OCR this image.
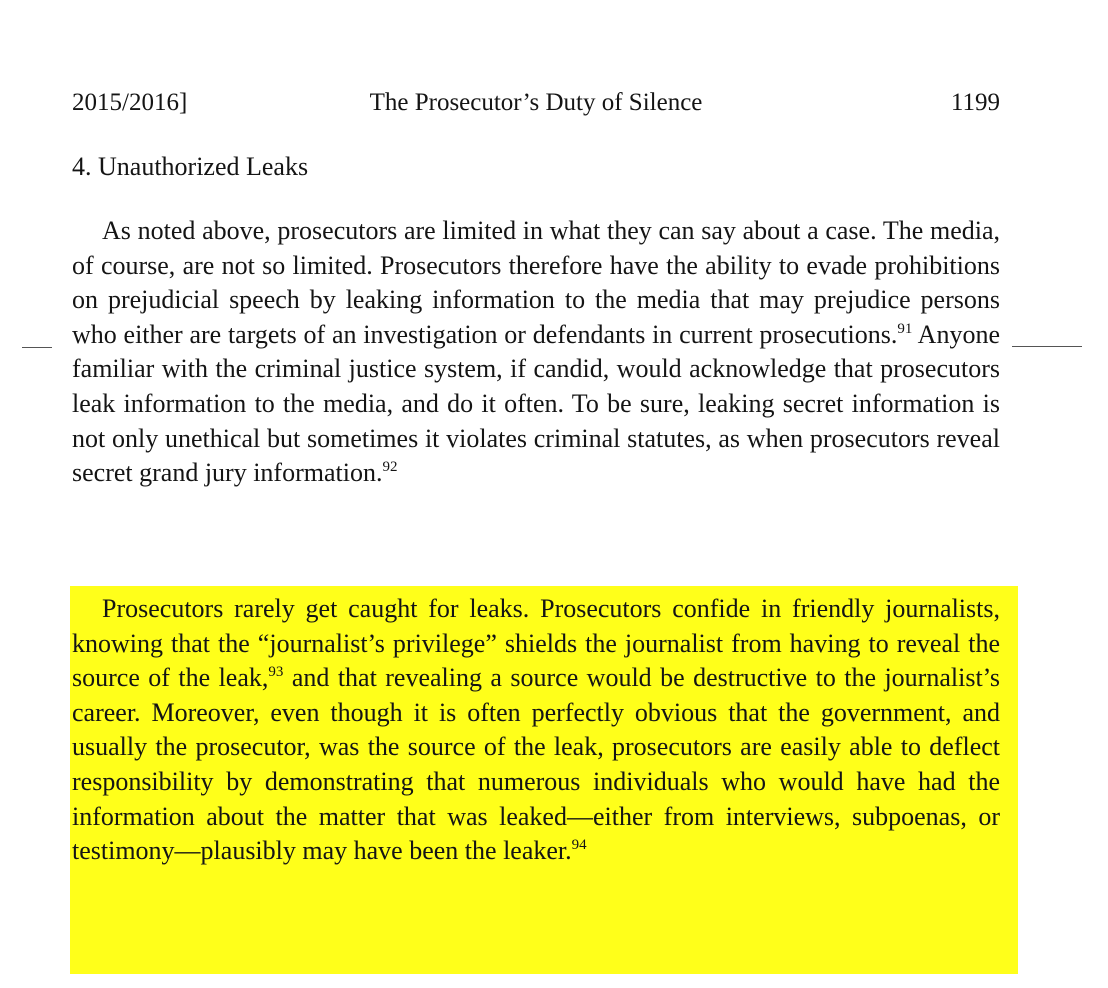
2015/2016]	The Prosecutor’s Duty of Silence	1199
4. Unauthorized Leaks

As noted above, prosecutors are limited in what they can say about a case. The media, of course, are not so limited. Prosecutors therefore have the ability to evade prohibitions on prejudicial speech by leaking information to the media that may prejudice persons who either are targets of an investigation or defendants in current prosecutions.$^{91}$ Anyone familiar with the criminal justice system, if candid, would acknowledge that prosecutors leak information to the media, and do it often. To be sure, leaking secret information is not only unethical but sometimes it violates criminal statutes, as when prosecutors reveal secret grand jury information.$^{92}$

Prosecutors rarely get caught for leaks. Prosecutors confide in friendly journalists, knowing that the “journalist’s privilege” shields the journalist from having to reveal the source of the leak,$^{93}$ and that revealing a source would be destructive to the journalist’s career. Moreover, even though it is often perfectly obvious that the government, and usually the prosecutor, was the source of the leak, prosecutors are easily able to deflect responsibility by demonstrating that numerous individuals who would have had the information about the matter that was leaked—either from interviews, subpoenas, or testimony—plausibly may have been the leaker.$^{94}$
